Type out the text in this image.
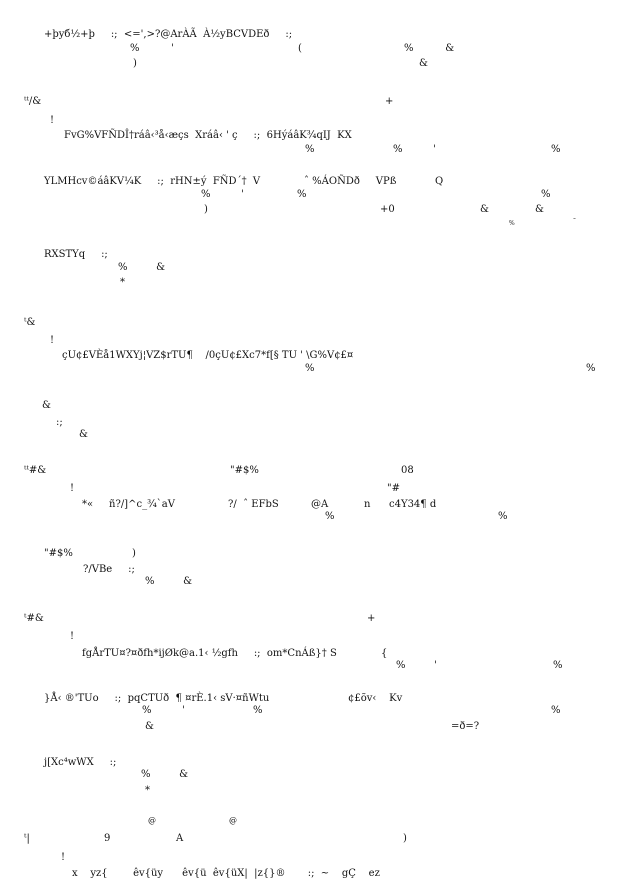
+þyб½+þ     :;  <=',>?@ArÀÃ  À½yBCVDEð     :;
%          '	(	%          &
)	&
ᵗᵗ/&	+
!
FvG%VFÑDÎ†ráâ‹³å‹æçs  Xráâ‹ ' ç     :;  6HýáâK¾qIJ  KX
%	%	'	%
YLMHcv©áâKV¼K     :;  rHN±ý  FÑD´†  V	ˆ %ÁOÑDð     VPß	Q
%	'	%	%
)	+0	&	&
%	˜
RXSTYq     :;
%         &
*
ᵗ&
!
çU¢£VÈå1WXYj¦VZ$rTU¶    /0çU¢£Xc7*f[§ TU ' \G%V¢£¤
%	%
&
:;
&
ᵗᵗ#&	"#$%	08
!	"#
*«     ñ?/]^c_¾`aV	?/  ˆ EFbS	@A	n c4Y34¶ d
%	%
"#$%	)
?/VBe     :;
%         &
ᵗ#&	+
!
fgÅrTU¤?¤ðfh*ijØk@a.1‹ ½gfh     :;  om*CnÁß}† S	{
%	'	%
}Å‹ ®'TUo     :;  pqCTUð  ¶ ¤rÈ.1‹ sV·¤ñWtu	¢£õv‹    Kv
%	'	%	%
&	=ð=?
j[Xc⁴wWX     :;
%         &
*
@	@
ᵗ|	9	A	)
!
x    yz{        êv{üy      êv{ü  êv{üX|  |z{}®       :;  ~    gÇ    ez
